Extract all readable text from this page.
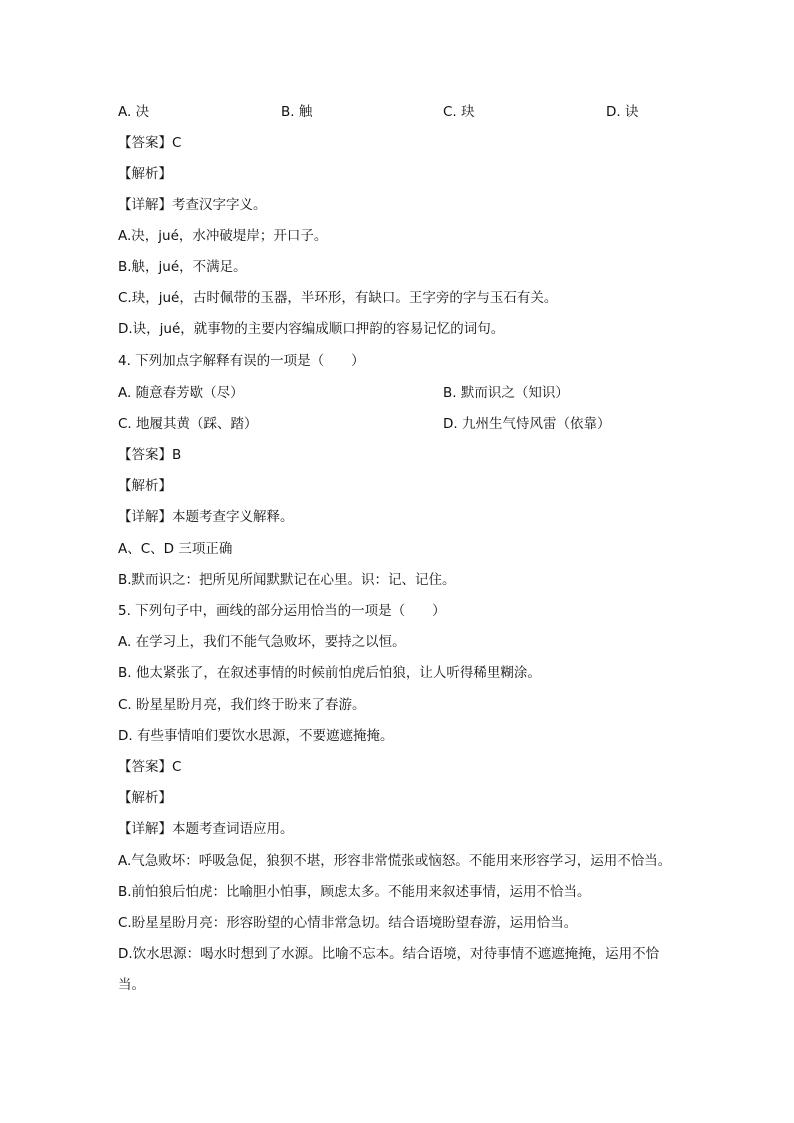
A. 决	B. 触	C. 玦	D. 诀
【答案】C
【解析】
【详解】考查汉字字义。
A.决，jué，水冲破堤岸；开口子。
B.觖，jué，不满足。
C.玦，jué，古时佩带的玉器，半环形，有缺口。王字旁的字与玉石有关。
D.诀，jué，就事物的主要内容编成顺口押韵的容易记忆的词句。
4. 下列加点字解释有误的一项是（　　）
A. 随意春芳歇（尽）	B. 默而识之（知识）
C. 地履其黄（踩、踏）	D. 九州生气恃风雷（依靠）
【答案】B
【解析】
【详解】本题考查字义解释。
A、C、D 三项正确
B.默而识之：把所见所闻默默记在心里。识：记、记住。
5. 下列句子中，画线的部分运用恰当的一项是（　　）
A. 在学习上，我们不能气急败坏，要持之以恒。
B. 他太紧张了，在叙述事情的时候前怕虎后怕狼，让人听得稀里糊涂。
C. 盼星星盼月亮，我们终于盼来了春游。
D. 有些事情咱们要饮水思源，不要遮遮掩掩。
【答案】C
【解析】
【详解】本题考查词语应用。
A.气急败坏：呼吸急促，狼狈不堪，形容非常慌张或恼怒。不能用来形容学习，运用不恰当。
B.前怕狼后怕虎：比喻胆小怕事，顾虑太多。不能用来叙述事情，运用不恰当。
C.盼星星盼月亮：形容盼望的心情非常急切。结合语境盼望春游，运用恰当。
D.饮水思源：喝水时想到了水源。比喻不忘本。结合语境，对待事情不遮遮掩掩，运用不恰
当。
